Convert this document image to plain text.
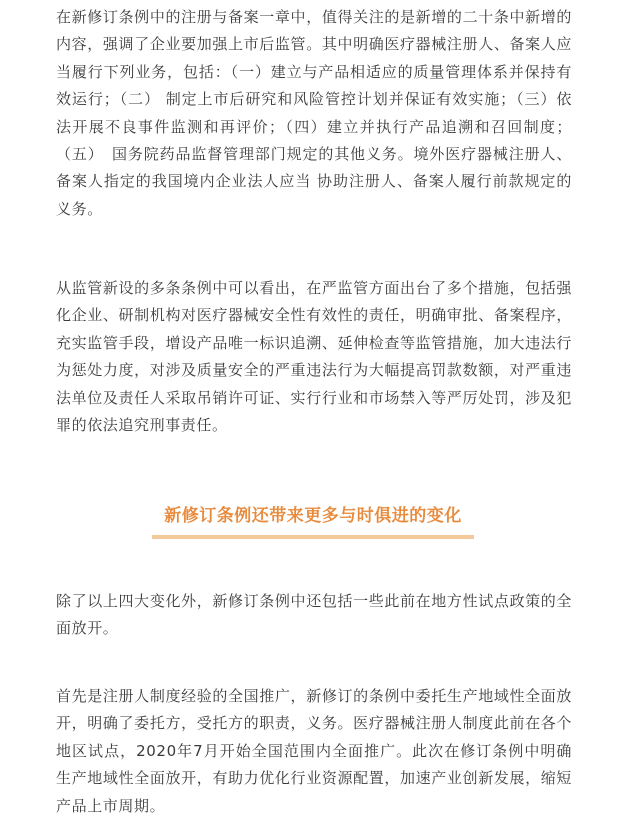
在新修订条例中的注册与备案一章中，值得关注的是新增的二十条中新增的内容，强调了企业要加强上市后监管。其中明确医疗器械注册人、备案人应当履行下列业务，包括：（一）建立与产品相适应的质量管理体系并保持有效运行；（二） 制定上市后研究和风险管控计划并保证有效实施；（三）依法开展不良事件监测和再评价；（四）建立并执行产品追溯和召回制度；（五）　国务院药品监督管理部门规定的其他义务。境外医疗器械注册人、备案人指定的我国境内企业法人应当 协助注册人、备案人履行前款规定的义务。

从监管新设的多条条例中可以看出，在严监管方面出台了多个措施，包括强化企业、研制机构对医疗器械安全性有效性的责任，明确审批、备案程序，充实监管手段，增设产品唯一标识追溯、延伸检查等监管措施，加大违法行为惩处力度，对涉及质量安全的严重违法行为大幅提高罚款数额，对严重违法单位及责任人采取吊销许可证、实行行业和市场禁入等严厉处罚，涉及犯罪的依法追究刑事责任。

新修订条例还带来更多与时俱进的变化

除了以上四大变化外，新修订条例中还包括一些此前在地方性试点政策的全面放开。

首先是注册人制度经验的全国推广，新修订的条例中委托生产地域性全面放开，明确了委托方，受托方的职责，义务。医疗器械注册人制度此前在各个地区试点，2020年7月开始全国范围内全面推广。此次在修订条例中明确生产地域性全面放开，有助力优化行业资源配置，加速产业创新发展，缩短产品上市周期。
